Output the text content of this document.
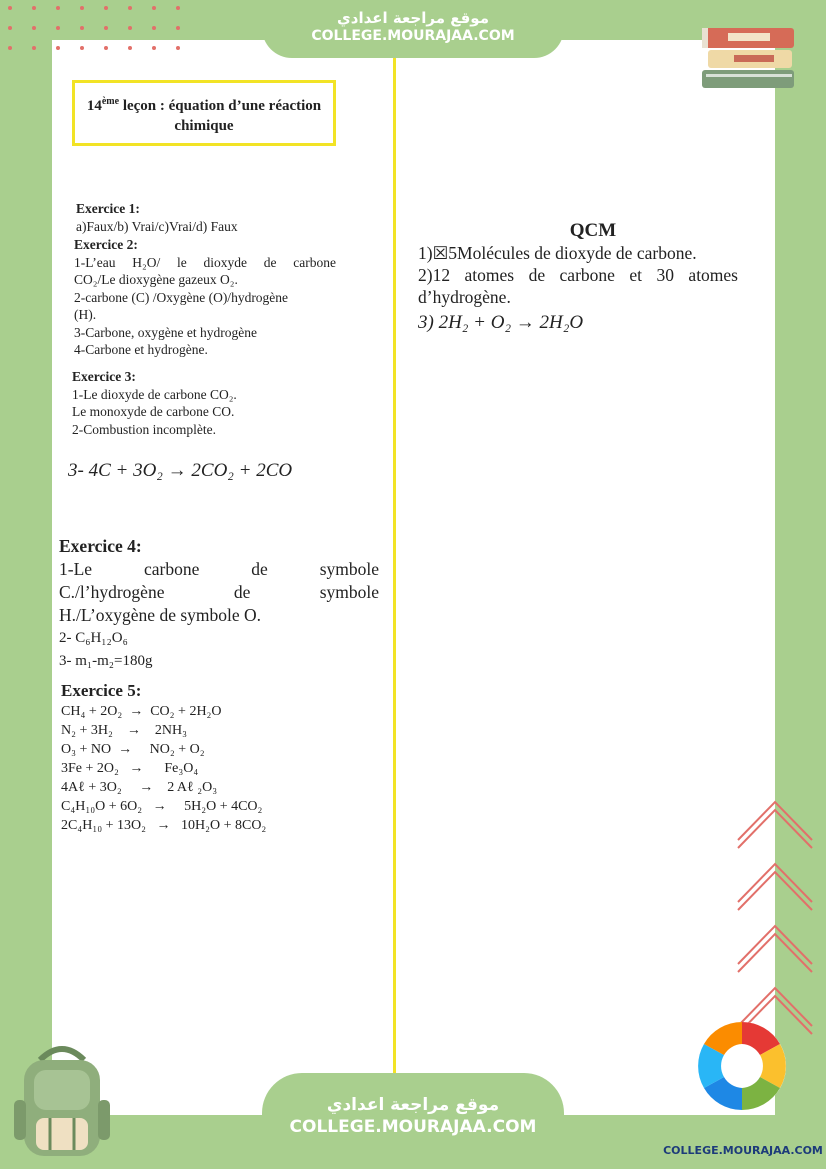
موقع مراجعة اعدادي
COLLEGE.MOURAJAA.COM
14ème leçon : équation d’une réaction chimique
Exercice 1:
a)Faux/b) Vrai/c)Vrai/d) Faux
Exercice 2:
1-L’eau H₂O/ le dioxyde de carbone
CO₂/Le dioxygène gazeux O₂.
2-carbone (C) /Oxygène (O)/hydrogène
(H).
3-Carbone, oxygène et hydrogène
4-Carbone et hydrogène.
Exercice 3:
1-Le dioxyde de carbone CO₂.
Le monoxyde de carbone CO.
2-Combustion incomplète.
3- 4C + 3O₂ → 2CO₂ + 2CO
Exercice 4:
1-Le carbone de symbole
C./l’hydrogène de symbole
H./L’oxygène de symbole O.
2- C₆H₁₂O₆
3- m₁-m₂=180g
Exercice 5:
CH₄ + 2O₂  →  CO₂ + 2H₂O
N₂ + 3H₂    →    2NH₃
O₃ + NO  →     NO₂ + O₂
3Fe + 2O₂   →      Fe₃O₄
4Aℓ + 3O₂     →    2 Aℓ ₂O₃
C₄H₁₀O + 6O₂   →     5H₂O + 4CO₂
2C₄H₁₀ + 13O₂   →   10H₂O + 8CO₂
QCM
1)☒5Molécules de dioxyde de carbone.
2)12 atomes de carbone et 30 atomes d’hydrogène.
3) 2H₂ + O₂ → 2H₂O
موقع مراجعة اعدادي
COLLEGE.MOURAJAA.COM
COLLEGE.MOURAJAA.COM
